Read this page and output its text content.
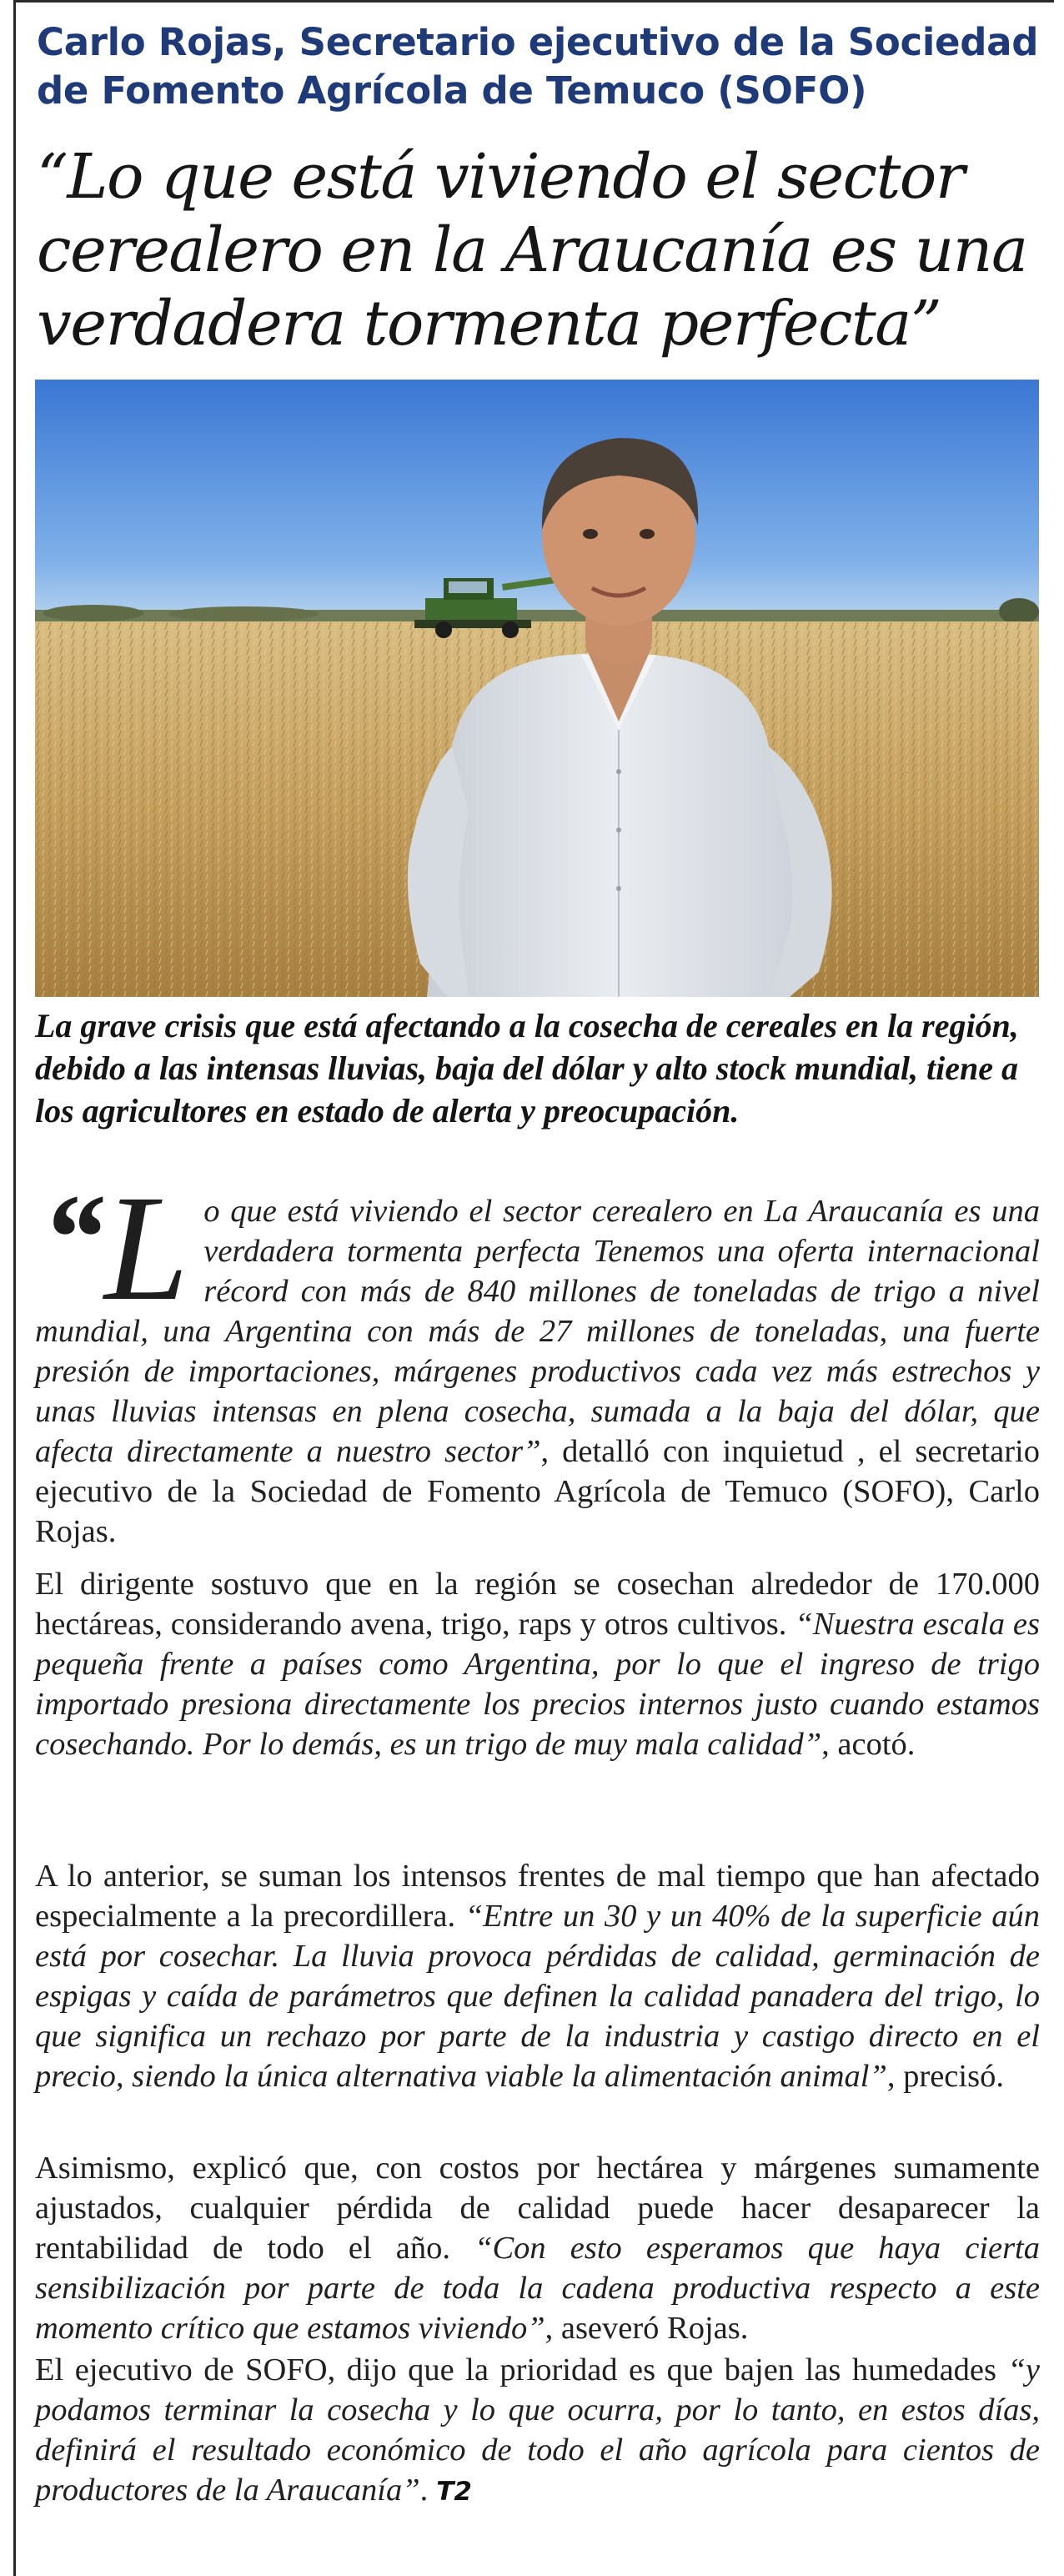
Carlo Rojas, Secretario ejecutivo de la Sociedad de Fomento Agrícola de Temuco (SOFO)
“Lo que está viviendo el sector cerealero en la Araucanía es una verdadera tormenta perfecta”
La grave crisis que está afectando a la cosecha de cereales en la región, debido a las intensas lluvias, baja del dólar y alto stock mundial, tiene a los agricultores en estado de alerta y preocupación.
“ L o que está viviendo el sector cerealero en La Araucanía es una verdadera tormenta perfecta Tenemos una oferta internacional récord con más de 840 millones de toneladas de trigo a nivel mundial, una Argentina con más de 27 millones de toneladas, una fuerte presión de importaciones, márgenes productivos cada vez más estrechos y unas lluvias intensas en plena cosecha, sumada a la baja del dólar, que afecta directamente a nuestro sector”, detalló con inquietud , el secretario ejecutivo de la Sociedad de Fomento Agrícola de Temuco (SOFO), Carlo Rojas.
El dirigente sostuvo que en la región se cosechan alrededor de 170.000 hectáreas, considerando avena, trigo, raps y otros cultivos. “Nuestra escala es pequeña frente a países como Argentina, por lo que el ingreso de trigo importado presiona directamente los precios internos justo cuando estamos cosechando. Por lo demás, es un trigo de muy mala calidad”, acotó.
A lo anterior, se suman los intensos frentes de mal tiempo que han afectado especialmente a la precordillera. “Entre un 30 y un 40% de la superficie aún está por cosechar. La lluvia provoca pérdidas de calidad, germinación de espigas y caída de parámetros que definen la calidad panadera del trigo, lo que significa un rechazo por parte de la industria y castigo directo en el precio, siendo la única alternativa viable la alimentación animal”, precisó.
Asimismo, explicó que, con costos por hectárea y márgenes sumamente ajustados, cualquier pérdida de calidad puede hacer desaparecer la rentabilidad de todo el año. “Con esto esperamos que haya cierta sensibilización por parte de toda la cadena productiva respecto a este momento crítico que estamos viviendo”, aseveró Rojas.
El ejecutivo de SOFO, dijo que la prioridad es que bajen las humedades “y podamos terminar la cosecha y lo que ocurra, por lo tanto, en estos días, definirá el resultado económico de todo el año agrícola para cientos de productores de la Araucanía”. T2
